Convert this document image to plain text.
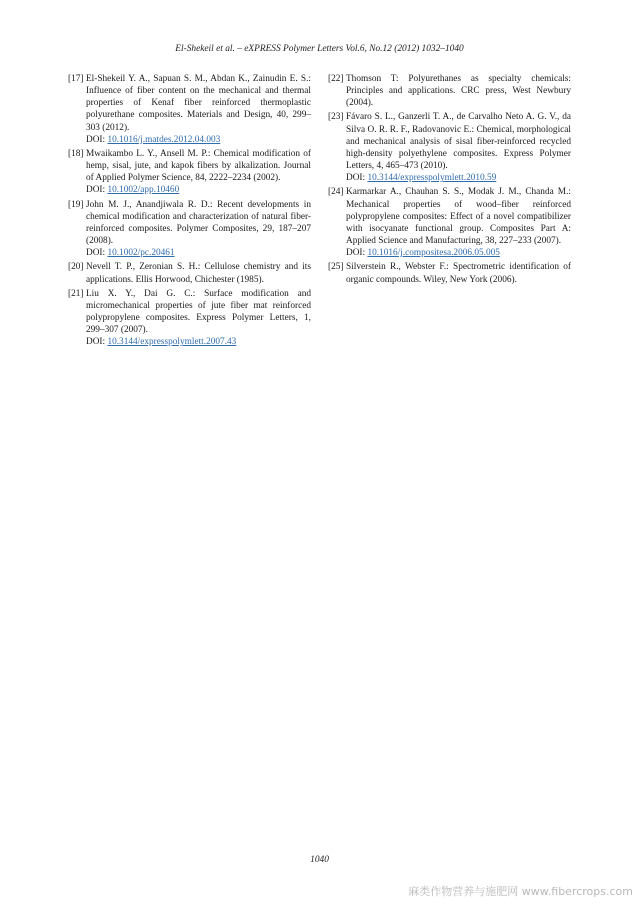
El-Shekeil et al. – eXPRESS Polymer Letters Vol.6, No.12 (2012) 1032–1040
[17] El-Shekeil Y. A., Sapuan S. M., Abdan K., Zainudin E. S.: Influence of fiber content on the mechanical and thermal properties of Kenaf fiber reinforced thermoplastic polyurethane composites. Materials and Design, 40, 299–303 (2012).
DOI: 10.1016/j.matdes.2012.04.003
[18] Mwaikambo L. Y., Ansell M. P.: Chemical modification of hemp, sisal, jute, and kapok fibers by alkalization. Journal of Applied Polymer Science, 84, 2222–2234 (2002).
DOI: 10.1002/app.10460
[19] John M. J., Anandjiwala R. D.: Recent developments in chemical modification and characterization of natural fiber-reinforced composites. Polymer Composites, 29, 187–207 (2008).
DOI: 10.1002/pc.20461
[20] Nevell T. P., Zeronian S. H.: Cellulose chemistry and its applications. Ellis Horwood, Chichester (1985).
[21] Liu X. Y., Dai G. C.: Surface modification and micromechanical properties of jute fiber mat reinforced polypropylene composites. Express Polymer Letters, 1, 299–307 (2007).
DOI: 10.3144/expresspolymlett.2007.43
[22] Thomson T: Polyurethanes as specialty chemicals: Principles and applications. CRC press, West Newbury (2004).
[23] Fávaro S. L., Ganzerli T. A., de Carvalho Neto A. G. V., da Silva O. R. R. F., Radovanovic E.: Chemical, morphological and mechanical analysis of sisal fiber-reinforced recycled high-density polyethylene composites. Express Polymer Letters, 4, 465–473 (2010).
DOI: 10.3144/expresspolymlett.2010.59
[24] Karmarkar A., Chauhan S. S., Modak J. M., Chanda M.: Mechanical properties of wood–fiber reinforced polypropylene composites: Effect of a novel compatibilizer with isocyanate functional group. Composites Part A: Applied Science and Manufacturing, 38, 227–233 (2007).
DOI: 10.1016/j.compositesa.2006.05.005
[25] Silverstein R., Webster F.: Spectrometric identification of organic compounds. Wiley, New York (2006).
1040
麻类作物营养与施肥网 www.fibercrops.com
